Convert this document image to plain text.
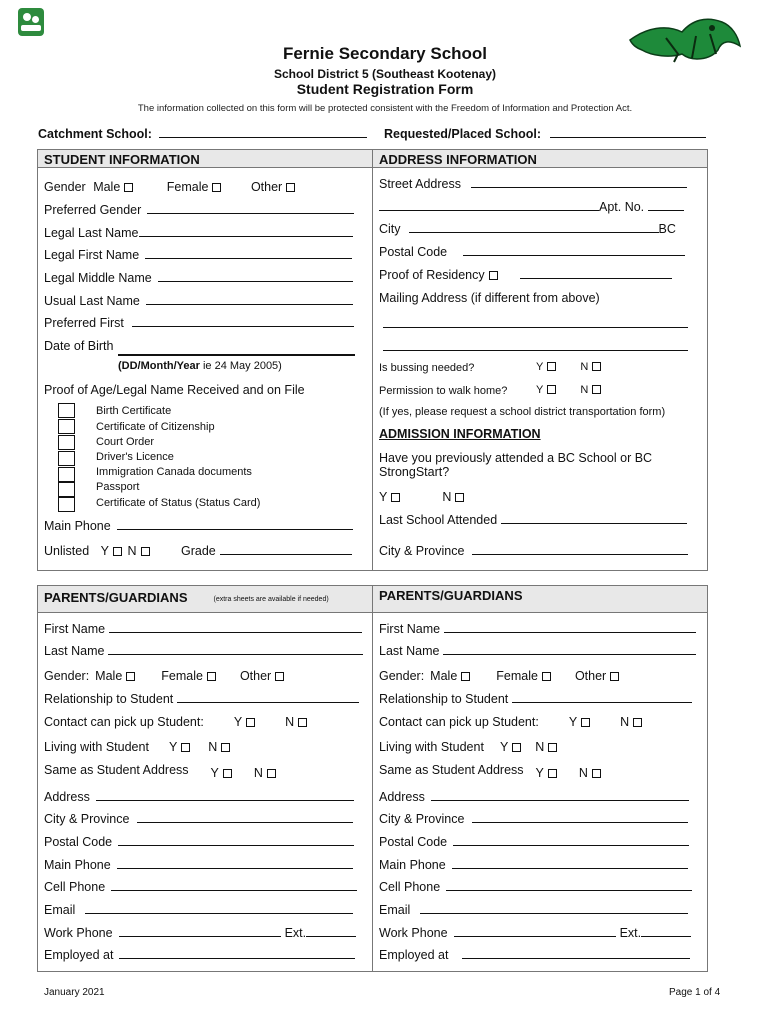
Fernie Secondary School
School District 5 (Southeast Kootenay)
Student Registration Form
The information collected on this form will be protected consistent with the Freedom of Information and Protection Act.
Catchment School:	Requested/Placed School:
STUDENT INFORMATION	ADDRESS INFORMATION
Gender Male	Female	Other
Preferred Gender
Legal Last Name
Legal First Name
Legal Middle Name
Usual Last Name
Preferred First
Date of Birth
(DD/Month/Year ie 24 May 2005)
Proof of Age/Legal Name Received and on File
Birth Certificate
Certificate of Citizenship
Court Order
Driver's Licence
Immigration Canada documents
Passport
Certificate of Status (Status Card)
Main Phone
Unlisted Y N	Grade
Street Address
Apt. No.
City	BC
Postal Code
Proof of Residency
Mailing Address (if different from above)
Is bussing needed?	Y	N
Permission to walk home?	Y	N
(If yes, please request a school district transportation form)
ADMISSION INFORMATION
Have you previously attended a BC School or BC
StrongStart?
Y	N
Last School Attended
City & Province
PARENTS/GUARDIANS	(extra sheets are available if needed)	PARENTS/GUARDIANS
First Name
Last Name
Gender: Male	Female	Other
Relationship to Student
Contact can pick up Student: Y	N
Living with Student Y N
Same as Student Address Y	N
Address
City & Province
Postal Code
Main Phone
Cell Phone
Email
Work Phone	Ext.
Employed at
First Name
Last Name
Gender: Male	Female	Other
Relationship to Student
Contact can pick up Student: Y	N
Living with Student Y N
Same as Student Address Y	N
Address
City & Province
Postal Code
Main Phone
Cell Phone
Email
Work Phone	Ext.
Employed at
January 2021	Page 1 of 4
